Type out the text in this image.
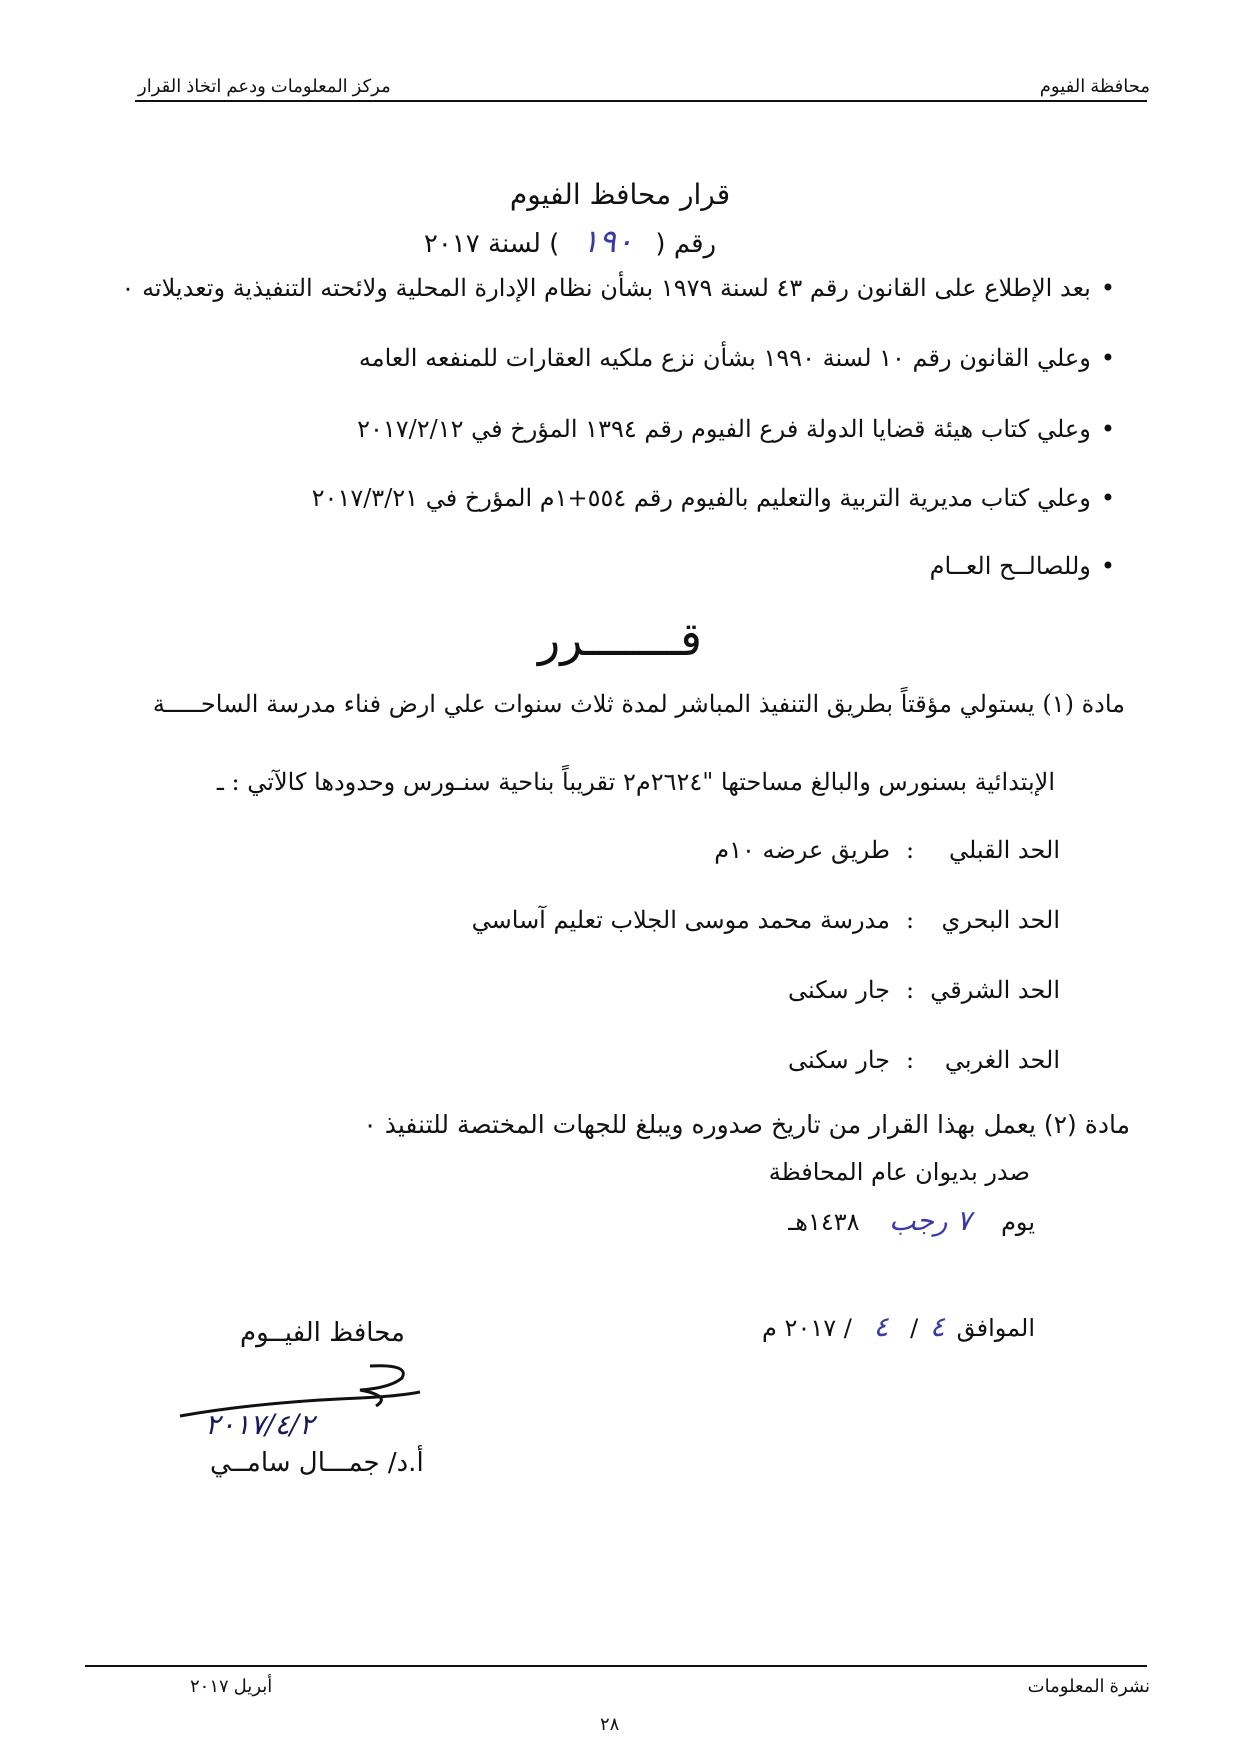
محافظة الفيوم
مركز المعلومات ودعم اتخاذ القرار
قرار محافظ الفيوم
رقم ( ١٩٠ ) لسنة ٢٠١٧
•بعد الإطلاع على القانون رقم ٤٣ لسنة ١٩٧٩ بشأن نظام الإدارة المحلية ولائحته التنفيذية وتعديلاته ٠
•وعلي القانون رقم ١٠ لسنة ١٩٩٠ بشأن نزع ملكيه العقارات للمنفعه العامه
•وعلي كتاب هيئة قضايا الدولة فرع الفيوم رقم ١٣٩٤ المؤرخ في ٢٠١٧/٢/١٢
•وعلي كتاب مديرية التربية والتعليم بالفيوم رقم ٥٥٤+١م المؤرخ في ٢٠١٧/٣/٢١
•وللصالــح العــام
قـــــــرر
مادة (١) يستولي مؤقتاً بطريق التنفيذ المباشر لمدة ثلاث سنوات علي ارض فناء مدرسة الساحـــــة
الإبتدائية بسنورس والبالغ مساحتها "٢٦٢٤م٢ تقريباً بناحية سنـورس وحدودها كالآتي : ـ
الحد القبلي:طريق عرضه ١٠م
الحد البحري:مدرسة محمد موسى الجلاب تعليم آساسي
الحد الشرقي:جار سكنى
الحد الغربي:جار سكنى
مادة (٢) يعمل بهذا القرار من تاريخ صدوره ويبلغ للجهات المختصة للتنفيذ ٠
صدر بديوان عام المحافظة
يوم ٧ رجب ١٤٣٨هـ
الموافق ٤ / ٤ / ٢٠١٧ م
محافظ الفيــوم
٢٠١٧/٤/٢
أ.د/ جمـــال سامــي
نشرة المعلومات
أبريل ٢٠١٧
٢٨
